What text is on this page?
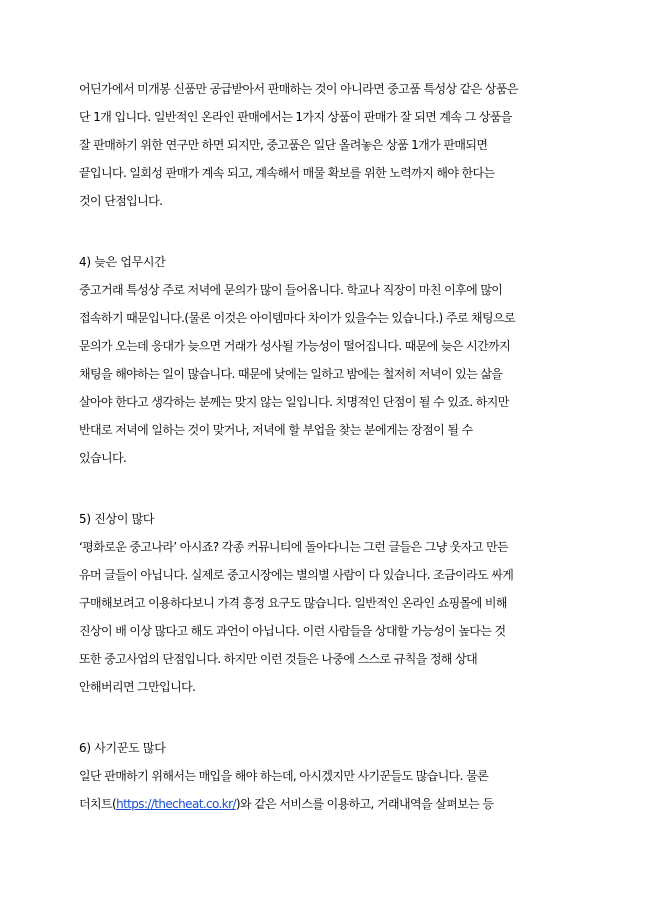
어딘가에서 미개봉 신품만 공급받아서 판매하는 것이 아니라면 중고품 특성상 같은 상품은
단 1개 입니다. 일반적인 온라인 판매에서는 1가지 상품이 판매가 잘 되면 계속 그 상품을
잘 판매하기 위한 연구만 하면 되지만, 중고품은 일단 올려놓은 상품 1개가 판매되면
끝입니다. 일회성 판매가 계속 되고, 계속해서 매물 확보를 위한 노력까지 해야 한다는
것이 단점입니다.
4) 늦은 업무시간
중고거래 특성상 주로 저녁에 문의가 많이 들어옵니다. 학교나 직장이 마친 이후에 많이
접속하기 때문입니다.(물론 이것은 아이템마다 차이가 있을수는 있습니다.) 주로 채팅으로
문의가 오는데 응대가 늦으면 거래가 성사될 가능성이 떨어집니다. 때문에 늦은 시간까지
채팅을 해야하는 일이 많습니다. 때문에 낮에는 일하고 밤에는 철저히 저녁이 있는 삶을
살아야 한다고 생각하는 분께는 맞지 않는 일입니다. 치명적인 단점이 될 수 있죠. 하지만
반대로 저녁에 일하는 것이 맞거나, 저녁에 할 부업을 찾는 분에게는 장점이 될 수
있습니다.
5) 진상이 많다
‘평화로운 중고나라’ 아시죠? 각종 커뮤니티에 돌아다니는 그런 글들은 그냥 웃자고 만든
유머 글들이 아닙니다. 실제로 중고시장에는 별의별 사람이 다 있습니다. 조금이라도 싸게
구매해보려고 이용하다보니 가격 흥정 요구도 많습니다. 일반적인 온라인 쇼핑몰에 비해
진상이 배 이상 많다고 해도 과언이 아닙니다. 이런 사람들을 상대할 가능성이 높다는 것
또한 중고사업의 단점입니다. 하지만 이런 것들은 나중에 스스로 규칙을 정해 상대
안해버리면 그만입니다.
6) 사기꾼도 많다
일단 판매하기 위해서는 매입을 해야 하는데, 아시겠지만 사기꾼들도 많습니다. 물론
더치트(https://thecheat.co.kr/)와 같은 서비스를 이용하고, 거래내역을 살펴보는 등
